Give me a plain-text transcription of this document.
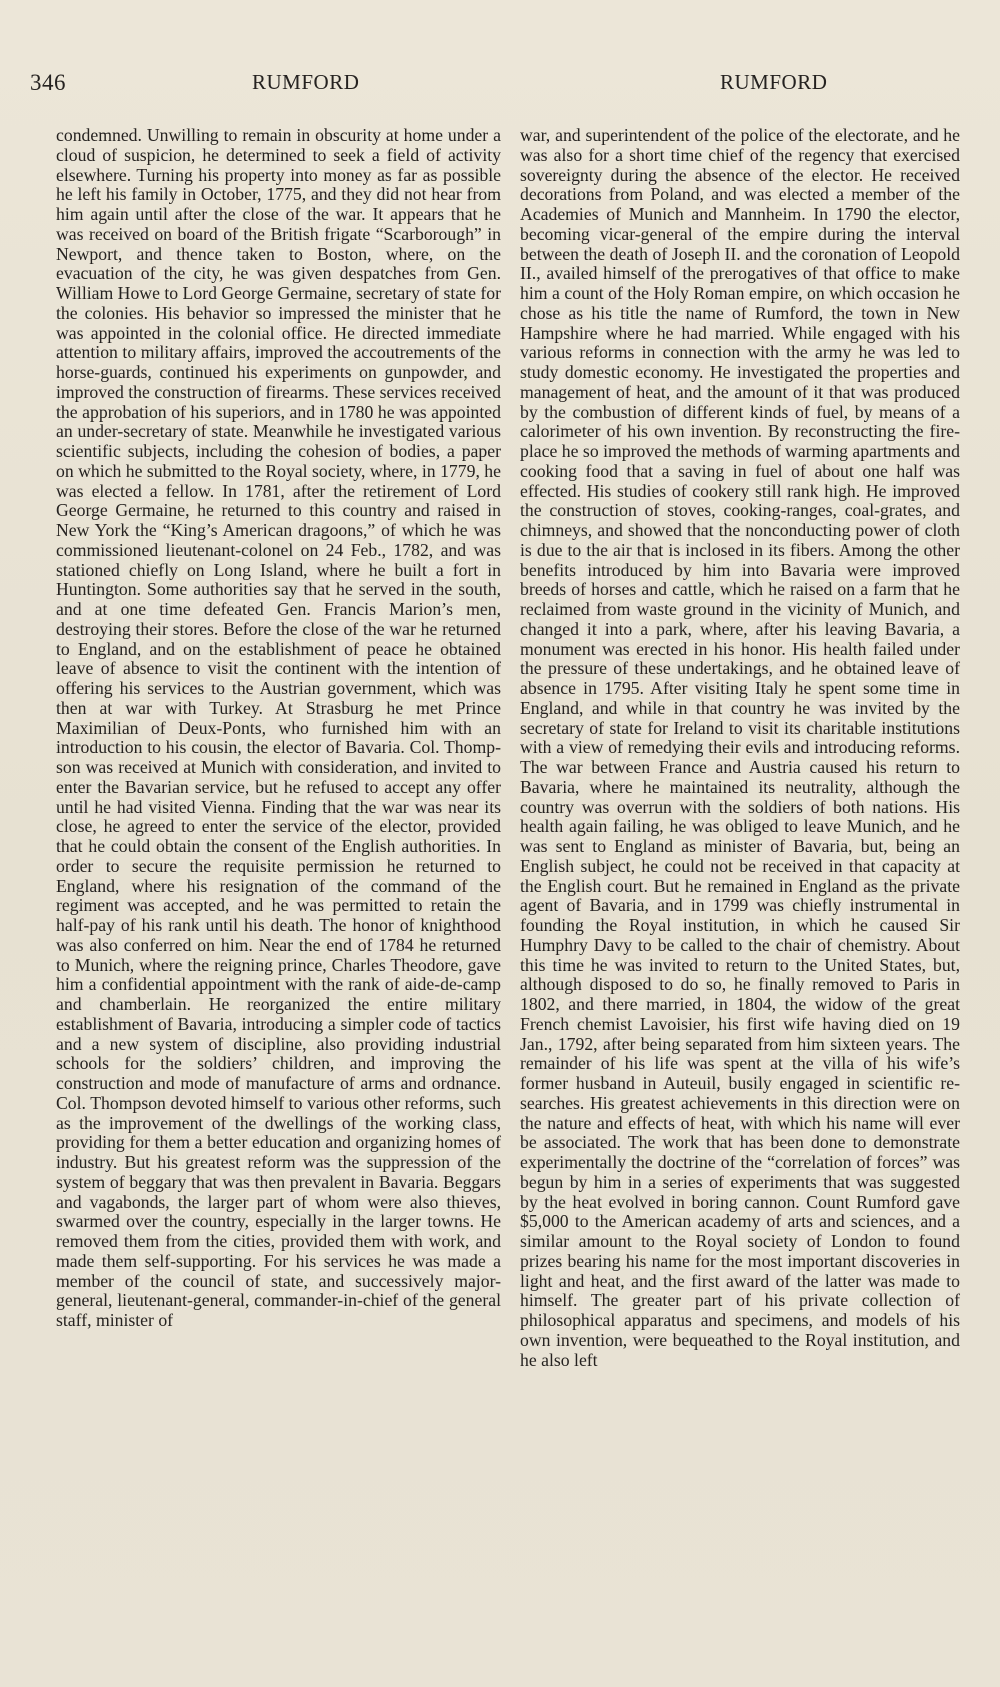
346	RUMFORD	RUMFORD

condemned. Unwilling to remain in obscurity at home under a cloud of suspicion, he determined to seek a field of activity elsewhere. Turning his property into money as far as possible he left his family in October, 1775, and they did not hear from him again until after the close of the war. It appears that he was received on board of the British frigate “Scarborough” in Newport, and thence taken to Boston, where, on the evacuation of the city, he was given despatches from Gen. William Howe to Lord George Germaine, secretary of state for the colonies. His behavior so impressed the minister that he was appointed in the colonial office. He directed immediate attention to military affairs, improved the accoutrements of the horse-guards, continued his experiments on gunpowder, and improved the construction of firearms. These services received the approbation of his superiors, and in 1780 he was appointed an under-secretary of state. Meanwhile he investigated various scientific subjects, including the cohesion of bodies, a paper on which he submitted to the Royal society, where, in 1779, he was elected a fellow. In 1781, after the retirement of Lord George Germaine, he returned to this country and raised in New York the “King’s American dragoons,” of which he was commissioned lieutenant-colonel on 24 Feb., 1782, and was stationed chiefly on Long Island, where he built a fort in Huntington. Some authorities say that he served in the south, and at one time defeated Gen. Francis Marion’s men, destroying their stores. Before the close of the war he returned to England, and on the establishment of peace he obtained leave of absence to visit the continent with the intention of offering his services to the Austrian government, which was then at war with Turkey. At Strasburg he met Prince Maximilian of Deux-Ponts, who furnished him with an introduction to his cousin, the elector of Bavaria. Col. Thompson was received at Munich with consideration, and invited to enter the Bavarian service, but he refused to accept any offer until he had visited Vienna. Finding that the war was near its close, he agreed to enter the service of the elector, provided that he could obtain the consent of the English authorities. In order to secure the requisite permission he returned to England, where his resignation of the command of the regiment was accepted, and he was permitted to retain the half-pay of his rank until his death. The honor of knighthood was also conferred on him. Near the end of 1784 he returned to Munich, where the reigning prince, Charles Theodore, gave him a confidential appointment with the rank of aide-de-camp and chamberlain. He reorganized the entire military establishment of Bavaria, introducing a simpler code of tactics and a new system of discipline, also providing industrial schools for the soldiers’ children, and improving the construction and mode of manufacture of arms and ordnance. Col. Thompson devoted himself to various other reforms, such as the improvement of the dwellings of the working class, providing for them a better education and organizing homes of industry. But his greatest reform was the suppression of the system of beggary that was then prevalent in Bavaria. Beggars and vagabonds, the larger part of whom were also thieves, swarmed over the country, especially in the larger towns. He removed them from the cities, provided them with work, and made them self-supporting. For his services he was made a member of the council of state, and successively major-general, lieutenant-general, commander-in-chief of the general staff, minister of

war, and superintendent of the police of the electorate, and he was also for a short time chief of the regency that exercised sovereignty during the absence of the elector. He received decorations from Poland, and was elected a member of the Academies of Munich and Mannheim. In 1790 the elector, becoming vicar-general of the empire during the interval between the death of Joseph II. and the coronation of Leopold II., availed himself of the prerogatives of that office to make him a count of the Holy Roman empire, on which occasion he chose as his title the name of Rumford, the town in New Hampshire where he had married. While engaged with his various reforms in connection with the army he was led to study domestic economy. He investigated the properties and management of heat, and the amount of it that was produced by the combustion of different kinds of fuel, by means of a calorimeter of his own invention. By reconstructing the fire-place he so improved the methods of warming apartments and cooking food that a saving in fuel of about one half was effected. His studies of cookery still rank high. He improved the construction of stoves, cooking-ranges, coal-grates, and chimneys, and showed that the nonconducting power of cloth is due to the air that is inclosed in its fibers. Among the other benefits introduced by him into Bavaria were improved breeds of horses and cattle, which he raised on a farm that he reclaimed from waste ground in the vicinity of Munich, and changed it into a park, where, after his leaving Bavaria, a monument was erected in his honor. His health failed under the pressure of these undertakings, and he obtained leave of absence in 1795. After visiting Italy he spent some time in England, and while in that country he was invited by the secretary of state for Ireland to visit its charitable institutions with a view of remedying their evils and introducing reforms. The war between France and Austria caused his return to Bavaria, where he maintained its neutrality, although the country was overrun with the soldiers of both nations. His health again failing, he was obliged to leave Munich, and he was sent to England as minister of Bavaria, but, being an English subject, he could not be received in that capacity at the English court. But he remained in England as the private agent of Bavaria, and in 1799 was chiefly instrumental in founding the Royal institution, in which he caused Sir Humphry Davy to be called to the chair of chemistry. About this time he was invited to return to the United States, but, although disposed to do so, he finally removed to Paris in 1802, and there married, in 1804, the widow of the great French chemist Lavoisier, his first wife having died on 19 Jan., 1792, after being separated from him sixteen years. The remainder of his life was spent at the villa of his wife’s former husband in Auteuil, busily engaged in scientific researches. His greatest achievements in this direction were on the nature and effects of heat, with which his name will ever be associated. The work that has been done to demonstrate experimentally the doctrine of the “correlation of forces” was begun by him in a series of experiments that was suggested by the heat evolved in boring cannon. Count Rumford gave $5,000 to the American academy of arts and sciences, and a similar amount to the Royal society of London to found prizes bearing his name for the most important discoveries in light and heat, and the first award of the latter was made to himself. The greater part of his private collection of philosophical apparatus and specimens, and models of his own invention, were bequeathed to the Royal institution, and he also left
